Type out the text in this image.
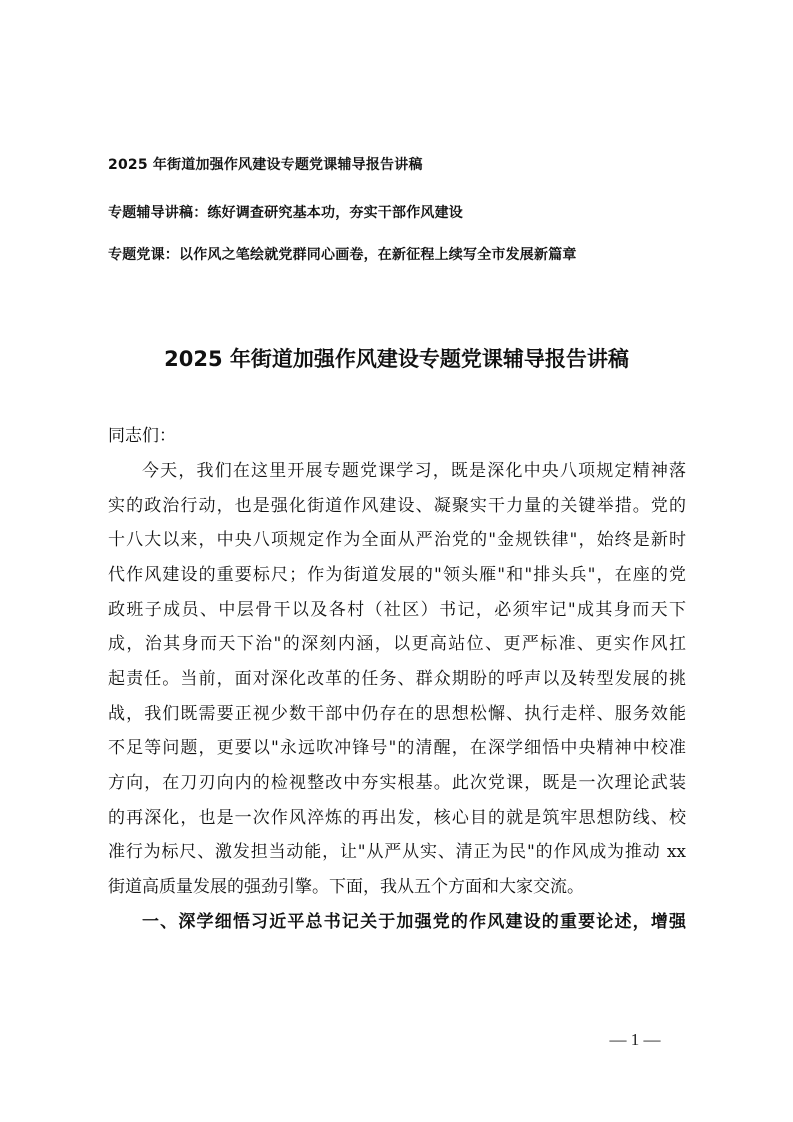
2025 年街道加强作风建设专题党课辅导报告讲稿
专题辅导讲稿：练好调查研究基本功，夯实干部作风建设
专题党课：以作风之笔绘就党群同心画卷，在新征程上续写全市发展新篇章
2025 年街道加强作风建设专题党课辅导报告讲稿
同志们：
今天，我们在这里开展专题党课学习，既是深化中央八项规定精神落
实的政治行动，也是强化街道作风建设、凝聚实干力量的关键举措。党的
十八大以来，中央八项规定作为全面从严治党的"金规铁律"，始终是新时
代作风建设的重要标尺；作为街道发展的"领头雁"和"排头兵"，在座的党
政班子成员、中层骨干以及各村（社区）书记，必须牢记"成其身而天下
成，治其身而天下治"的深刻内涵，以更高站位、更严标准、更实作风扛
起责任。当前，面对深化改革的任务、群众期盼的呼声以及转型发展的挑
战，我们既需要正视少数干部中仍存在的思想松懈、执行走样、服务效能
不足等问题，更要以"永远吹冲锋号"的清醒，在深学细悟中央精神中校准
方向，在刀刃向内的检视整改中夯实根基。此次党课，既是一次理论武装
的再深化，也是一次作风淬炼的再出发，核心目的就是筑牢思想防线、校
准行为标尺、激发担当动能，让"从严从实、清正为民"的作风成为推动 xx
街道高质量发展的强劲引擎。下面，我从五个方面和大家交流。
一、深学细悟习近平总书记关于加强党的作风建设的重要论述，增强
— 1 —
